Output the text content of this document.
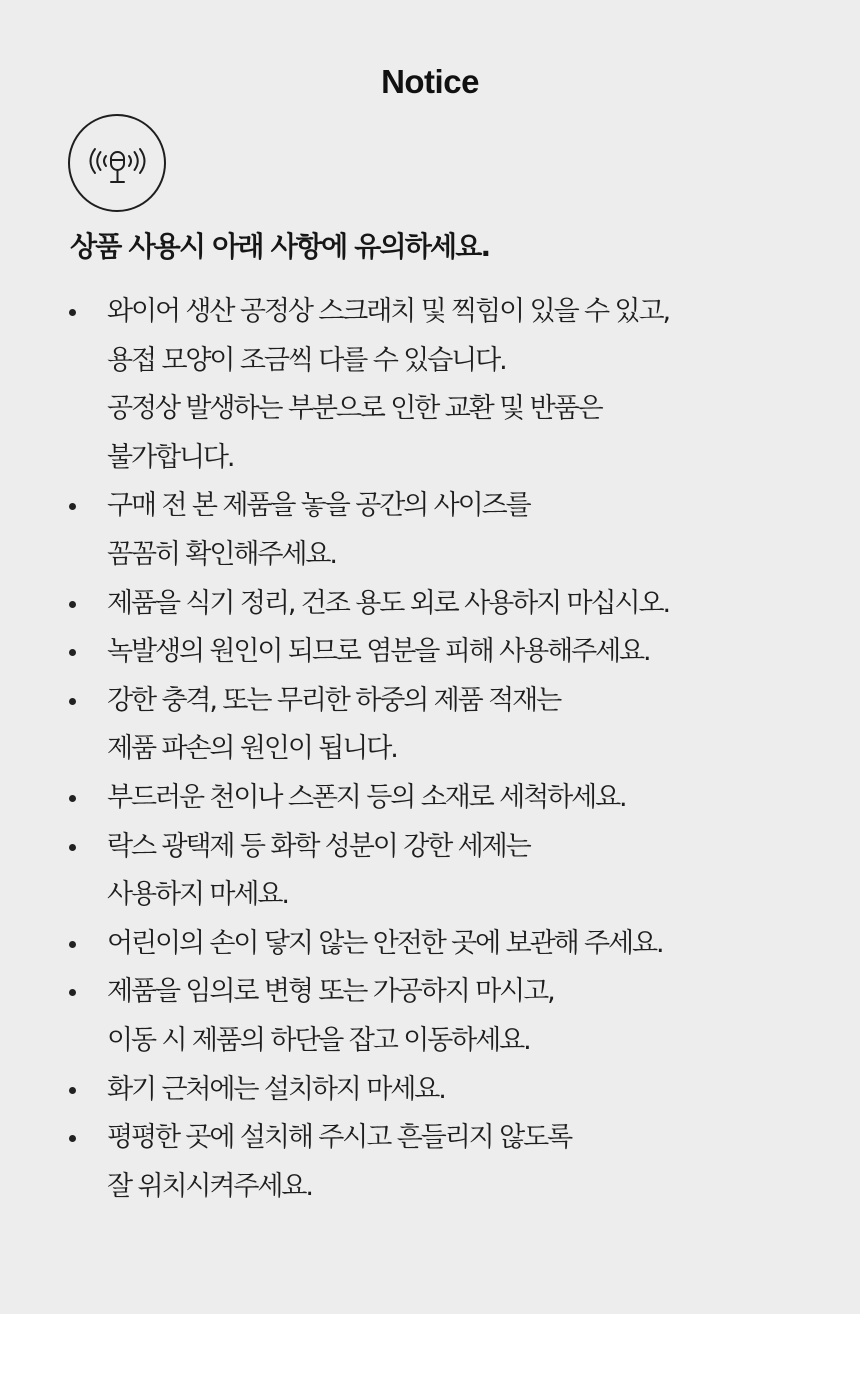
Notice
상품 사용시 아래 사항에 유의하세요.
와이어 생산 공정상 스크래치 및 찍힘이 있을 수 있고,
용접 모양이 조금씩 다를 수 있습니다.
공정상 발생하는 부분으로 인한 교환 및 반품은
불가합니다.
구매 전 본 제품을 놓을 공간의 사이즈를
꼼꼼히 확인해주세요.
제품을 식기 정리, 건조 용도 외로 사용하지 마십시오.
녹발생의 원인이 되므로 염분을 피해 사용해주세요.
강한 충격, 또는 무리한 하중의 제품 적재는
제품 파손의 원인이 됩니다.
부드러운 천이나 스폰지 등의 소재로 세척하세요.
락스 광택제 등 화학 성분이 강한 세제는
사용하지 마세요.
어린이의 손이 닿지 않는 안전한 곳에 보관해 주세요.
제품을 임의로 변형 또는 가공하지 마시고,
이동 시 제품의 하단을 잡고 이동하세요.
화기 근처에는 설치하지 마세요.
평평한 곳에 설치해 주시고 흔들리지 않도록
잘 위치시켜주세요.
